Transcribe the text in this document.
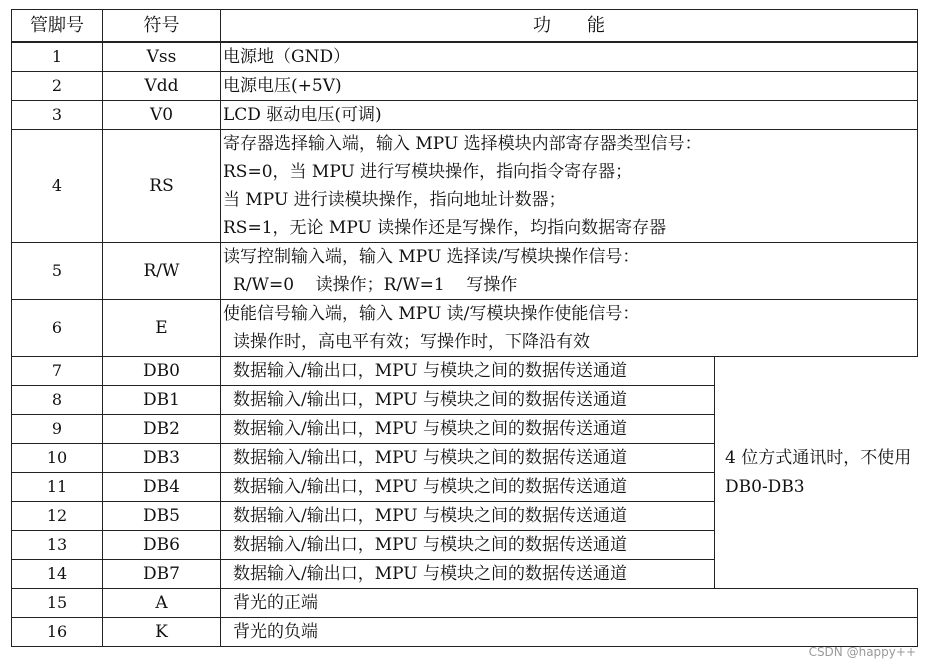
管脚号	符号	功能	
1	Vss	电源地（GND）	

2	Vdd	电源电压(+5V)	

3	V0	LCD 驱动电压(可调)	

4	RS	寄存器选择输入端，输入 MPU 选择模块内部寄存器类型信号：
RS=0，当 MPU 进行写模块操作，指向指令寄存器；
当 MPU 进行读模块操作，指向地址计数器；
RS=1，无论 MPU 读操作还是写操作，均指向数据寄存器	

5	R/W	读写控制输入端，输入 MPU 选择读/写模块操作信号：
R/W=0    读操作；R/W=1    写操作	

6	E	使能信号输入端，输入 MPU 读/写模块操作使能信号：
读操作时，高电平有效；写操作时，下降沿有效	

7	DB0	数据输入/输出口，MPU 与模块之间的数据传送通道	4 位方式通讯时，不使用 DB0-DB3
8	DB1	数据输入/输出口，MPU 与模块之间的数据传送通道	
9	DB2	数据输入/输出口，MPU 与模块之间的数据传送通道	
10	DB3	数据输入/输出口，MPU 与模块之间的数据传送通道	
11	DB4	数据输入/输出口，MPU 与模块之间的数据传送通道	
12	DB5	数据输入/输出口，MPU 与模块之间的数据传送通道	
13	DB6	数据输入/输出口，MPU 与模块之间的数据传送通道	
14	DB7	数据输入/输出口，MPU 与模块之间的数据传送通道	
15	A	背光的正端	
16	K	背光的负端	
CSDN @happy++
